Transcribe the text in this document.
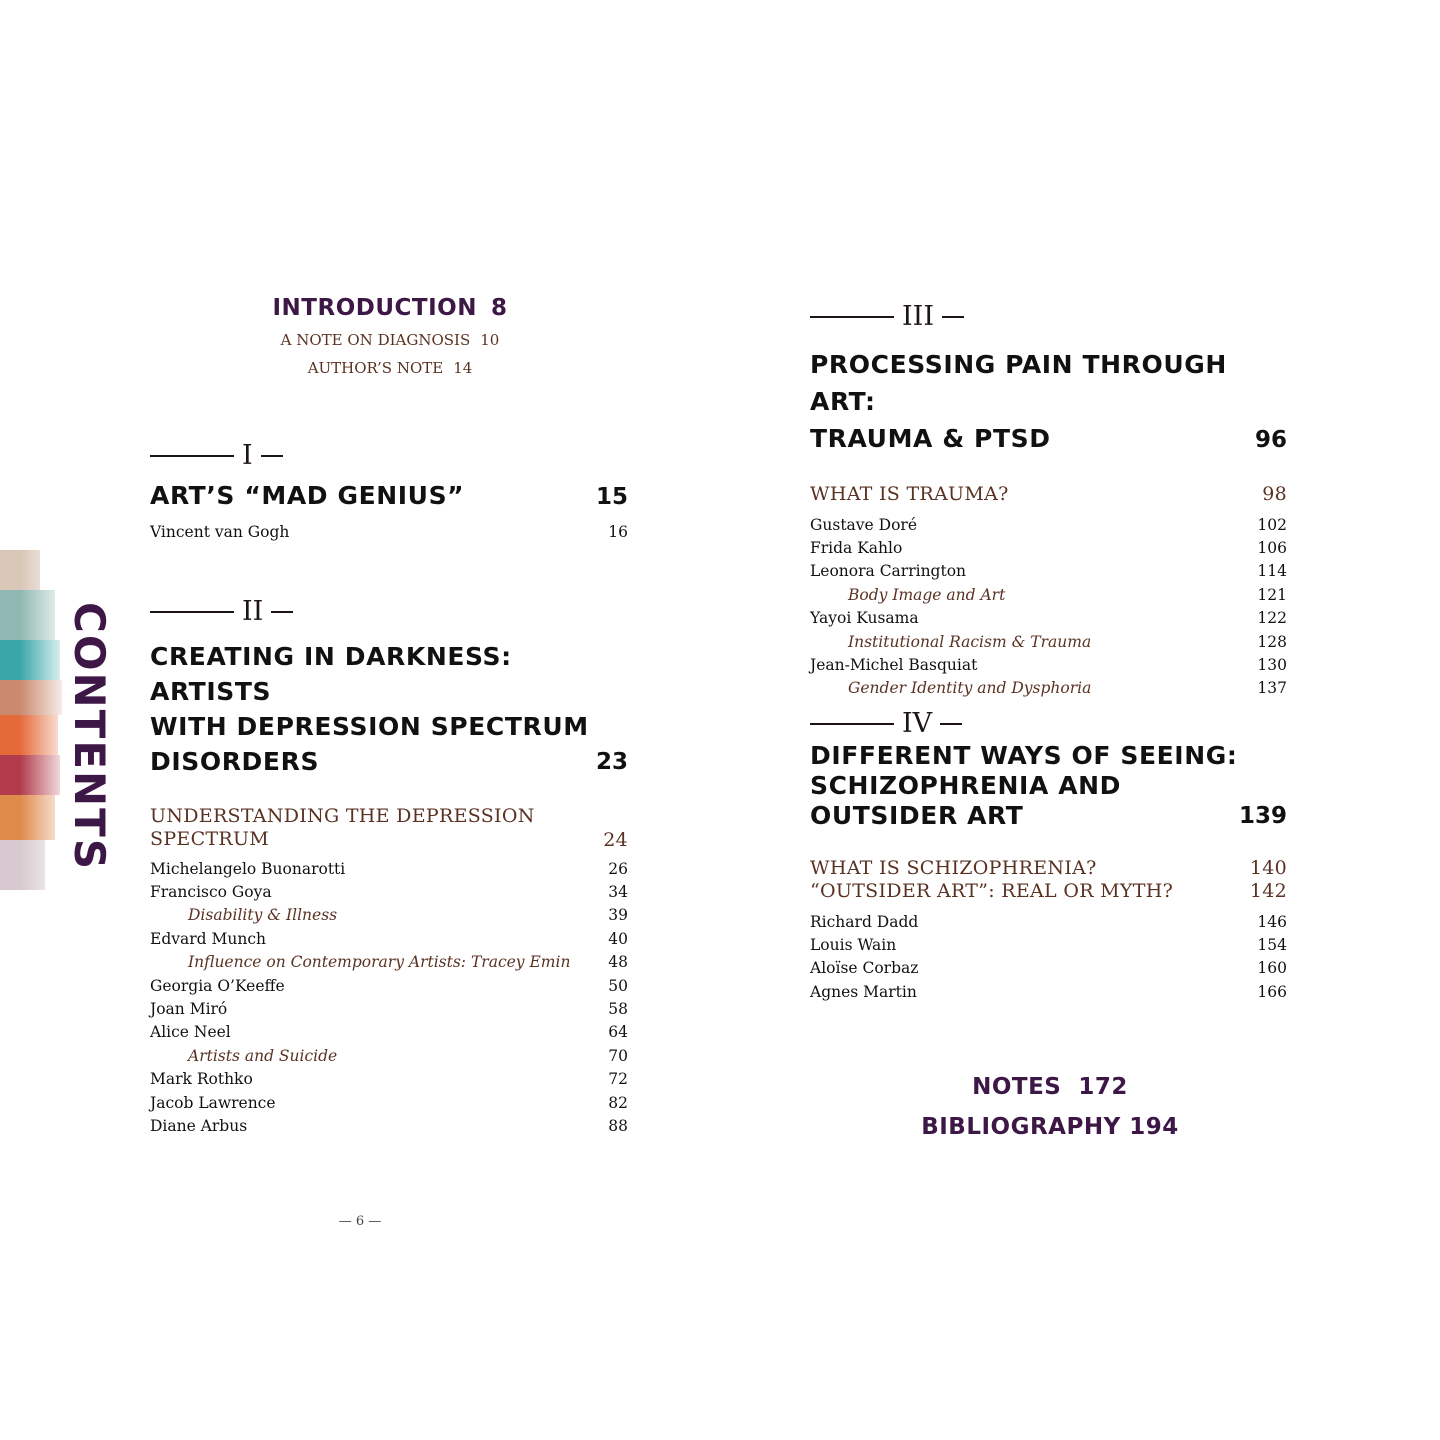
INTRODUCTION 8
A NOTE ON DIAGNOSIS 10
AUTHOR’S NOTE 14
CONTENTS
I
ART’S “MAD GENIUS”	15
Vincent van Gogh	16
II
CREATING IN DARKNESS: ARTISTS
WITH DEPRESSION SPECTRUM
DISORDERS	23
UNDERSTANDING THE DEPRESSION
SPECTRUM	24
Michelangelo Buonarotti	26
Francisco Goya	34
Disability & Illness	39
Edvard Munch	40
Influence on Contemporary Artists: Tracey Emin 48
Georgia O’Keeffe	50
Joan Miró	58
Alice Neel	64
Artists and Suicide	70
Mark Rothko	72
Jacob Lawrence	82
Diane Arbus	88
III
PROCESSING PAIN THROUGH ART:
TRAUMA & PTSD	96
WHAT IS TRAUMA?	98
Gustave Doré	102
Frida Kahlo	106
Leonora Carrington	114
Body Image and Art	121
Yayoi Kusama	122
Institutional Racism & Trauma	128
Jean-Michel Basquiat	130
Gender Identity and Dysphoria	137
IV
DIFFERENT WAYS OF SEEING:
SCHIZOPHRENIA AND
OUTSIDER ART	139
WHAT IS SCHIZOPHRENIA?	140
“OUTSIDER ART”: REAL OR MYTH?	142
Richard Dadd	146
Louis Wain	154
Aloïse Corbaz	160
Agnes Martin	166
NOTES 172
BIBLIOGRAPHY 194
— 6 —
